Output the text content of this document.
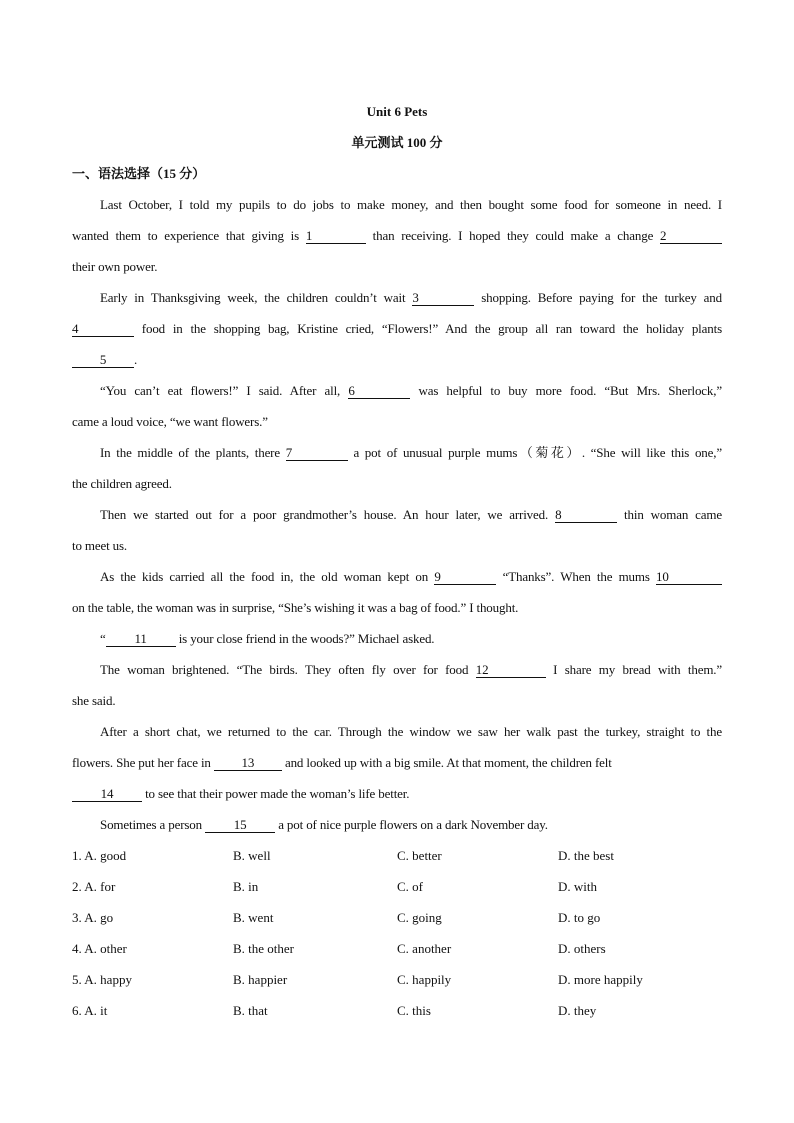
Unit 6 Pets
单元测试 100 分
一、语法选择（15 分）
Last October, I told my pupils to do jobs to make money, and then bought some food for someone in need. I
wanted them to experience that giving is 1	than receiving. I hoped they could make a change 2
their own power.
Early in Thanksgiving week, the children couldn’t wait 3	shopping. Before paying for the turkey and
4	food in the shopping bag, Kristine cried, “Flowers!” And the group all ran toward the holiday plants
5 .
“You can’t eat flowers!” I said. After all, 6	was helpful to buy more food. “But Mrs. Sherlock,”
came a loud voice, “we want flowers.”
In the middle of the plants, there 7	a pot of unusual purple mums（菊花）. “She will like this one,”
the children agreed.
Then we started out for a poor grandmother’s house. An hour later, we arrived. 8	thin woman came
to meet us.
As the kids carried all the food in, the old woman kept on 9	“Thanks”. When the mums 10
on the table, the woman was in surprise, “She’s wishing it was a bag of food.” I thought.
“ 11 is your close friend in the woods?” Michael asked.
The woman brightened. “The birds. They often fly over for food 12	I share my bread with them.”
she said.
After a short chat, we returned to the car. Through the window we saw her walk past the turkey, straight to the
flowers. She put her face in 13 and looked up with a big smile. At that moment, the children felt
14 to see that their power made the woman’s life better.
Sometimes a person 15 a pot of nice purple flowers on a dark November day.
1. A. good	B. well	C. better	D. the best
2. A. for	B. in	C. of	D. with
3. A. go	B. went	C. going	D. to go
4. A. other	B. the other	C. another	D. others
5. A. happy	B. happier	C. happily	D. more happily
6. A. it	B. that	C. this	D. they
